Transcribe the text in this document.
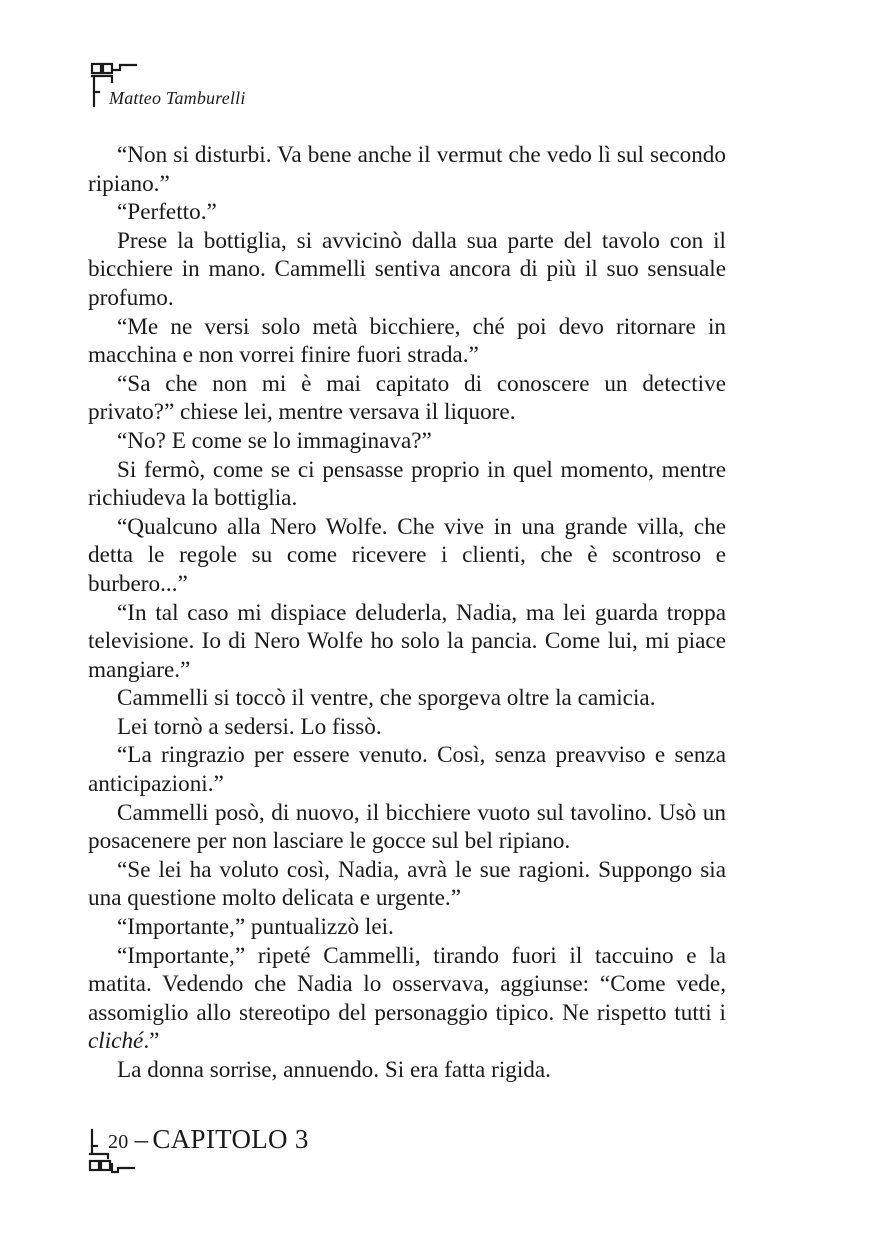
Matteo Tamburelli

“Non si disturbi. Va bene anche il vermut che vedo lì sul secondo ripiano.”

“Perfetto.”

Prese la bottiglia, si avvicinò dalla sua parte del tavolo con il bicchiere in mano. Cammelli sentiva ancora di più il suo sensuale profumo.

“Me ne versi solo metà bicchiere, ché poi devo ritornare in macchina e non vorrei finire fuori strada.”

“Sa che non mi è mai capitato di conoscere un detective privato?” chiese lei, mentre versava il liquore.

“No? E come se lo immaginava?”

Si fermò, come se ci pensasse proprio in quel momento, mentre richiudeva la bottiglia.

“Qualcuno alla Nero Wolfe. Che vive in una grande villa, che detta le regole su come ricevere i clienti, che è scontroso e burbero...”

“In tal caso mi dispiace deluderla, Nadia, ma lei guarda troppa televisione. Io di Nero Wolfe ho solo la pancia. Come lui, mi piace mangiare.”

Cammelli si toccò il ventre, che sporgeva oltre la camicia.

Lei tornò a sedersi. Lo fissò.

“La ringrazio per essere venuto. Così, senza preavviso e senza anticipazioni.”

Cammelli posò, di nuovo, il bicchiere vuoto sul tavolino. Usò un posacenere per non lasciare le gocce sul bel ripiano.

“Se lei ha voluto così, Nadia, avrà le sue ragioni. Suppongo sia una questione molto delicata e urgente.”

“Importante,” puntualizzò lei.

“Importante,” ripeté Cammelli, tirando fuori il taccuino e la matita. Vedendo che Nadia lo osservava, aggiunse: “Come vede, assomiglio allo stereotipo del personaggio tipico. Ne rispetto tutti i cliché.”

La donna sorrise, annuendo. Si era fatta rigida.

20 – CAPITOLO 3
